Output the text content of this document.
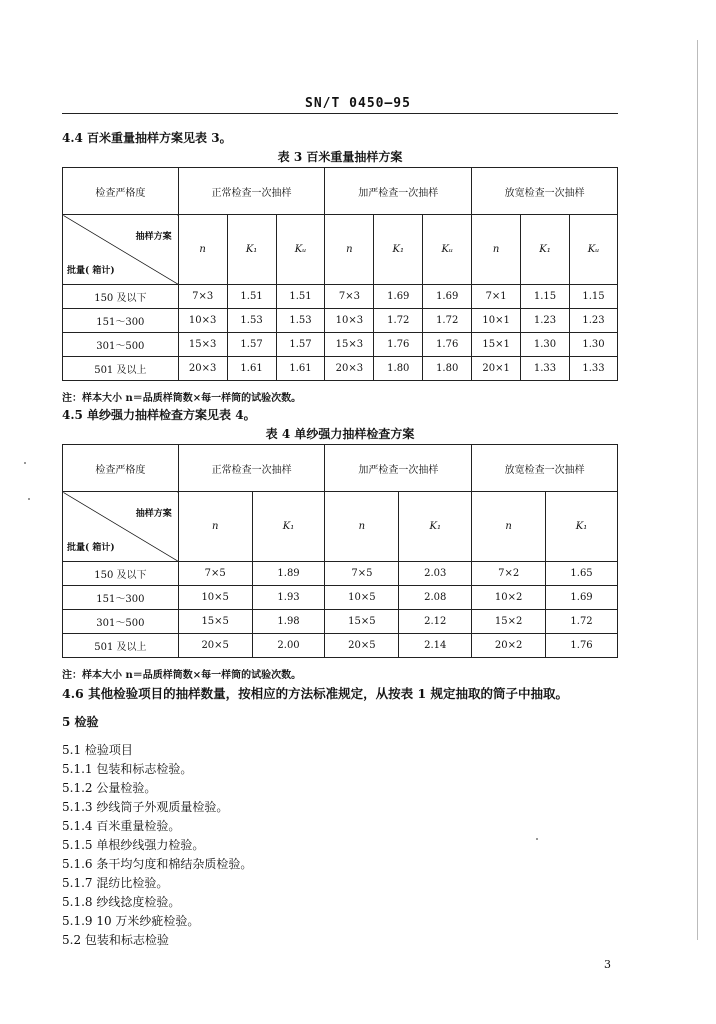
SN/T 0450—95
4.4 百米重量抽样方案见表 3。
表 3 百米重量抽样方案
检查严格度	正常检查一次抽样			加严检查一次抽样			放宽检查一次抽样		

抽样方案
批量( 箱计)	n	K₁	Kᵤ	n	K₁	Kᵤ	n	K₁	Kᵤ
150 及以下	7×3	1.51	1.51	7×3	1.69	1.69	7×1	1.15	1.15
151～300	10×3	1.53	1.53	10×3	1.72	1.72	10×1	1.23	1.23
301～500	15×3	1.57	1.57	15×3	1.76	1.76	15×1	1.30	1.30
501 及以上	20×3	1.61	1.61	20×3	1.80	1.80	20×1	1.33	1.33
注：样本大小 n＝品质样筒数×每一样筒的试验次数。
4.5 单纱强力抽样检查方案见表 4。
表 4 单纱强力抽样检查方案
检查严格度	正常检查一次抽样		加严检查一次抽样		放宽检查一次抽样	

抽样方案
批量( 箱计)	n	K₁	n	K₁	n	K₁
150 及以下	7×5	1.89	7×5	2.03	7×2	1.65
151～300	10×5	1.93	10×5	2.08	10×2	1.69
301～500	15×5	1.98	15×5	2.12	15×2	1.72
501 及以上	20×5	2.00	20×5	2.14	20×2	1.76
注：样本大小 n＝品质样筒数×每一样筒的试验次数。
4.6 其他检验项目的抽样数量，按相应的方法标准规定，从按表 1 规定抽取的筒子中抽取。
5 检验
5.1 检验项目
5.1.1 包装和标志检验。
5.1.2 公量检验。
5.1.3 纱线筒子外观质量检验。
5.1.4 百米重量检验。
5.1.5 单根纱线强力检验。
5.1.6 条干均匀度和棉结杂质检验。
5.1.7 混纺比检验。
5.1.8 纱线捻度检验。
5.1.9 10 万米纱疵检验。
5.2 包装和标志检验
3
